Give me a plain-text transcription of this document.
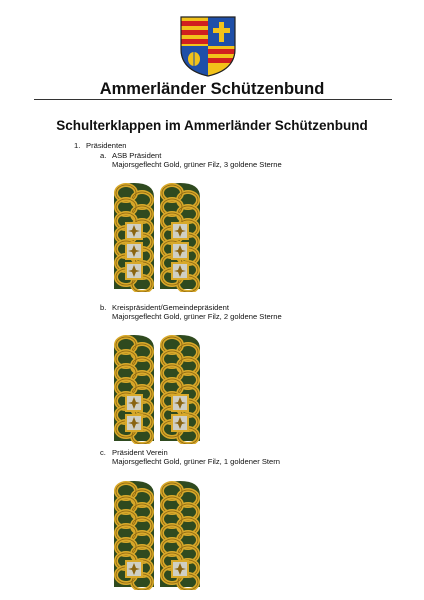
Ammerländer Schützenbund
Schulterklappen im Ammerländer Schützenbund
1. Präsidenten
a. ASB Präsident
Majorsgeflecht Gold, grüner Filz, 3 goldene Sterne
b. Kreispräsident/Gemeindepräsident
Majorsgeflecht Gold, grüner Filz, 2 goldene Sterne
c. Präsident Verein
Majorsgeflecht Gold, grüner Filz, 1 goldener Stern
